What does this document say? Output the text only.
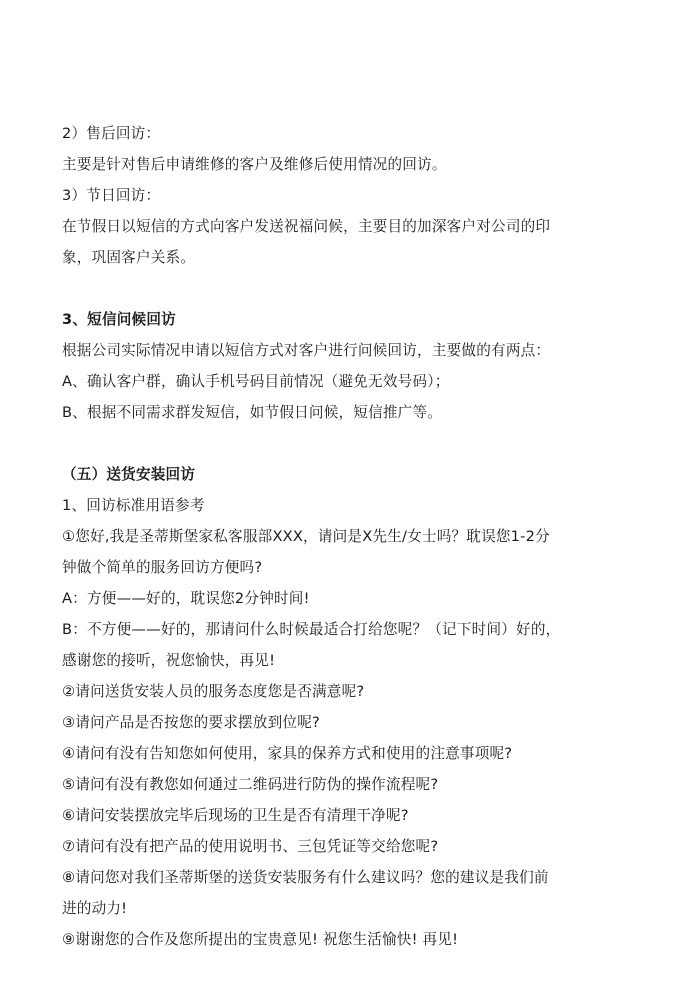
2）售后回访：

主要是针对售后申请维修的客户及维修后使用情况的回访。

3）节日回访：

在节假日以短信的方式向客户发送祝福问候，主要目的加深客户对公司的印

象，巩固客户关系。

3、短信问候回访

根据公司实际情况申请以短信方式对客户进行问候回访，主要做的有两点：

A、确认客户群，确认手机号码目前情况（避免无效号码）；

B、根据不同需求群发短信，如节假日问候，短信推广等。

（五）送货安装回访

1、回访标准用语参考

①您好,我是圣蒂斯堡家私客服部XXX，请问是X先生/女士吗？耽误您1-2分

钟做个简单的服务回访方便吗?

A：方便——好的，耽误您2分钟时间!

B：不方便——好的，那请问什么时候最适合打给您呢？（记下时间）好的，

感谢您的接听，祝您愉快，再见!

②请问送货安装人员的服务态度您是否满意呢?

③请问产品是否按您的要求摆放到位呢?

④请问有没有告知您如何使用，家具的保养方式和使用的注意事项呢?

⑤请问有没有教您如何通过二维码进行防伪的操作流程呢?

⑥请问安装摆放完毕后现场的卫生是否有清理干净呢?

⑦请问有没有把产品的使用说明书、三包凭证等交给您呢?

⑧请问您对我们圣蒂斯堡的送货安装服务有什么建议吗？您的建议是我们前

进的动力!

⑨谢谢您的合作及您所提出的宝贵意见! 祝您生活愉快! 再见!
